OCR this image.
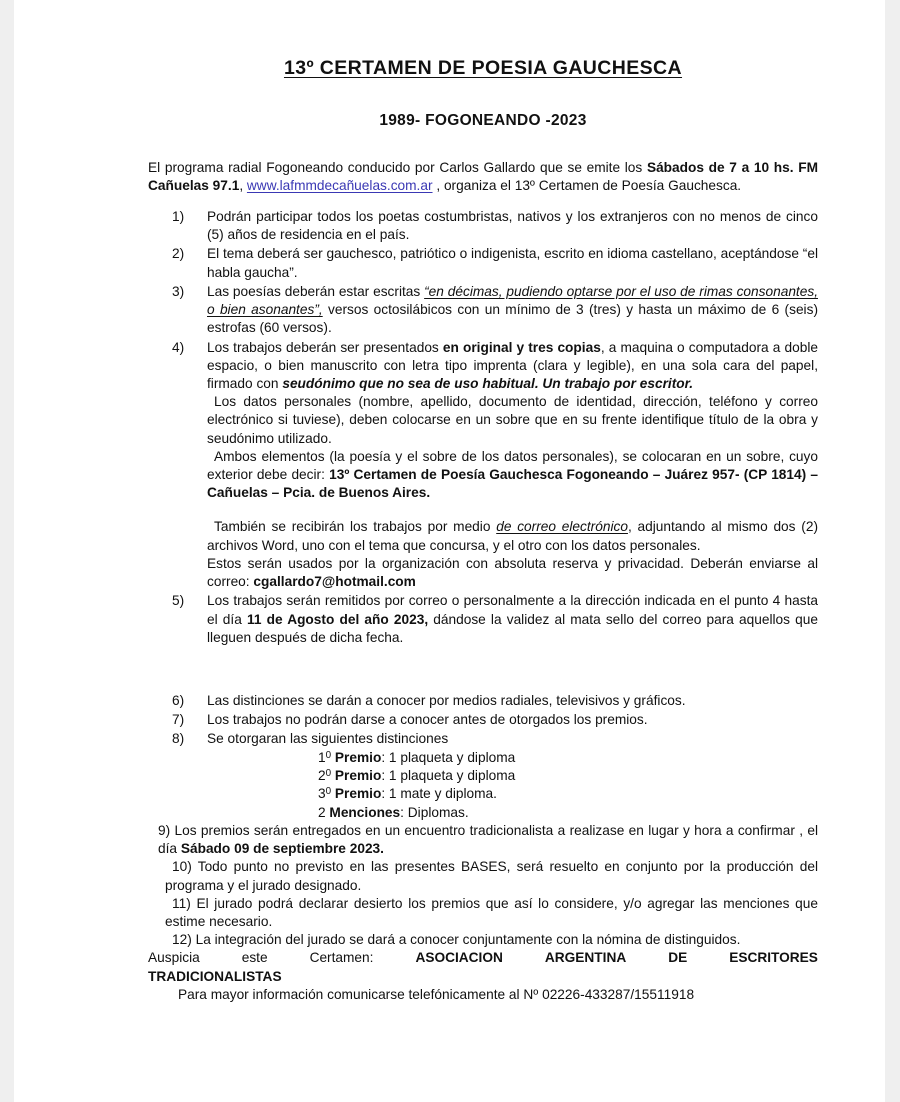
13º CERTAMEN DE POESIA GAUCHESCA
1989- FOGONEANDO -2023

El programa radial Fogoneando conducido por Carlos Gallardo que se emite los Sábados de 7 a 10 hs. FM Cañuelas 97.1, www.lafmmdecañuelas.com.ar , organiza el 13º Certamen de Poesía Gauchesca.

1)	Podrán participar todos los poetas costumbristas, nativos y los extranjeros con no menos de cinco (5) años de residencia en el país.
2)	El tema deberá ser gauchesco, patriótico o indigenista, escrito en idioma castellano, aceptándose “el habla gaucha”.
3)	Las poesías deberán estar escritas “en décimas, pudiendo optarse por el uso de rimas consonantes, o bien asonantes”, versos octosilábicos con un mínimo de 3 (tres) y hasta un máximo de 6 (seis) estrofas (60 versos).
4)	Los trabajos deberán ser presentados en original y tres copias, a maquina o computadora a doble espacio, o bien manuscrito con letra tipo imprenta (clara y legible), en una sola cara del papel, firmado con seudónimo que no sea de uso habitual. Un trabajo por escritor.
Los datos personales (nombre, apellido, documento de identidad, dirección, teléfono y correo electrónico si tuviese), deben colocarse en un sobre que en su frente identifique título de la obra y seudónimo utilizado.
Ambos elementos (la poesía y el sobre de los datos personales), se colocaran en un sobre, cuyo exterior debe decir: 13º Certamen de Poesía Gauchesca Fogoneando – Juárez 957- (CP 1814) – Cañuelas – Pcia. de Buenos Aires.
También se recibirán los trabajos por medio de correo electrónico, adjuntando al mismo dos (2) archivos Word, uno con el tema que concursa, y el otro con los datos personales.
Estos serán usados por la organización con absoluta reserva y privacidad. Deberán enviarse al correo: cgallardo7@hotmail.com
5)	Los trabajos serán remitidos por correo o personalmente a la dirección indicada en el punto 4 hasta el día 11 de Agosto del año 2023, dándose la validez al mata sello del correo para aquellos que lleguen después de dicha fecha.
6)	Las distinciones se darán a conocer por medios radiales, televisivos y gráficos.
7)	Los trabajos no podrán darse a conocer antes de otorgados los premios.
8)	Se otorgaran las siguientes distinciones
$1^0$ Premio: 1 plaqueta y diploma
$2^0$ Premio: 1 plaqueta y diploma
$3^0$ Premio: 1 mate y diploma.
2 Menciones: Diplomas.
9) Los premios serán entregados en un encuentro tradicionalista a realizase en lugar y hora a confirmar , el día Sábado 09 de septiembre 2023.
10) Todo punto no previsto en las presentes BASES, será resuelto en conjunto por la producción del programa y el jurado designado.
11) El jurado podrá declarar desierto los premios que así lo considere, y/o agregar las menciones que estime necesario.
12) La integración del jurado se dará a conocer conjuntamente con la nómina de distinguidos.
Auspicia	este	Certamen:	ASOCIACION	ARGENTINA	DE	ESCRITORES
TRADICIONALISTAS
Para mayor información comunicarse telefónicamente al Nº 02226-433287/15511918
